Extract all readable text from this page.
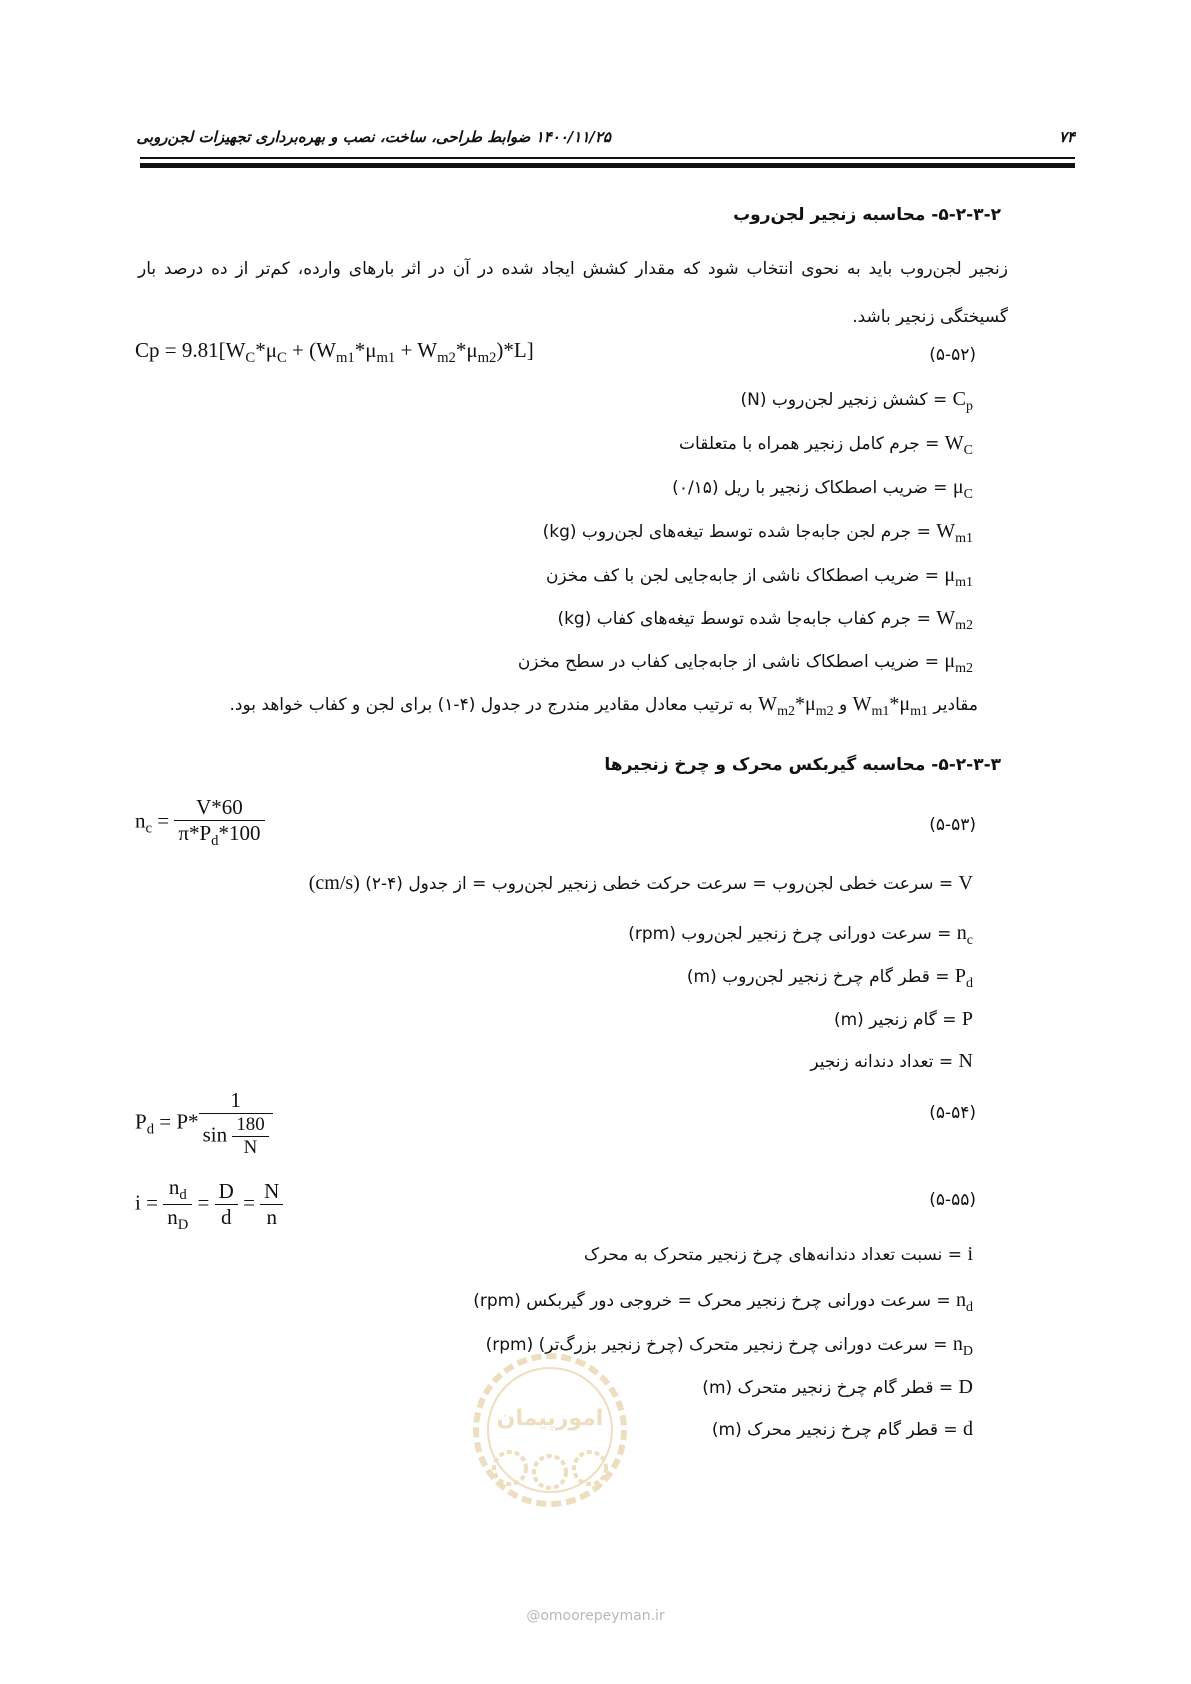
۷۴
۱۴۰۰/۱۱/۲۵ ضوابط طراحی، ساخت، نصب و بهره‌برداری تجهیزات لجن‌روبی
۵-۲-۳-۲- محاسبه زنجیر لجن‌روب
زنجیر لجن‌روب باید به نحوی انتخاب شود که مقدار کشش ایجاد شده در آن در اثر بارهای وارده، کم‌تر از ده درصد بار گسیختگی زنجیر باشد.
$Cp = 9.81[W_C*\mu_C + (W_{m1}*\mu_{m1} + W_{m2}*\mu_{m2})*L]$	(۵-۵۲)
$C_p$ = کشش زنجیر لجن‌روب (N)
$W_C$ = جرم کامل زنجیر همراه با متعلقات
$\mu_C$ = ضریب اصطکاک زنجیر با ریل (۰/۱۵)
$W_{m1}$ = جرم لجن جابه‌جا شده توسط تیغه‌های لجن‌روب (kg)
$\mu_{m1}$ = ضریب اصطکاک ناشی از جابه‌جایی لجن با کف مخزن
$W_{m2}$ = جرم کفاب جابه‌جا شده توسط تیغه‌های کفاب (kg)
$\mu_{m2}$ = ضریب اصطکاک ناشی از جابه‌جایی کفاب در سطح مخزن
مقادیر $W_{m1}*\mu_{m1}$ و $W_{m2}*\mu_{m2}$ به ترتیب معادل مقادیر مندرج در جدول (۴-۱) برای لجن و کفاب خواهد بود.
۵-۲-۳-۳- محاسبه گیربکس محرک و چرخ زنجیرها
$n_c = \frac{V*60}{\pi*P_d*100}$	(۵-۵۳)
V = سرعت خطی لجن‌روب = سرعت حرکت خطی زنجیر لجن‌روب = از جدول (۴-۲) (cm/s)
$n_c$ = سرعت دورانی چرخ زنجیر لجن‌روب (rpm)
$P_d$ = قطر گام چرخ زنجیر لجن‌روب (m)
P = گام زنجیر (m)
N = تعداد دندانه زنجیر
$P_d = P* \frac{1}{\sin \frac{180}{N}}$	(۵-۵۴)
$i = \frac{n_d}{n_D} = \frac{D}{d} = \frac{N}{n}$	(۵-۵۵)
i = نسبت تعداد دندانه‌های چرخ زنجیر متحرک به محرک
$n_d$ = سرعت دورانی چرخ زنجیر محرک = خروجی دور گیربکس (rpm)
$n_D$ = سرعت دورانی چرخ زنجیر متحرک (چرخ زنجیر بزرگ‌تر) (rpm)
D = قطر گام چرخ زنجیر متحرک (m)
d = قطر گام چرخ زنجیر محرک (m)
امورپیمان
@omoorepeyman.ir
